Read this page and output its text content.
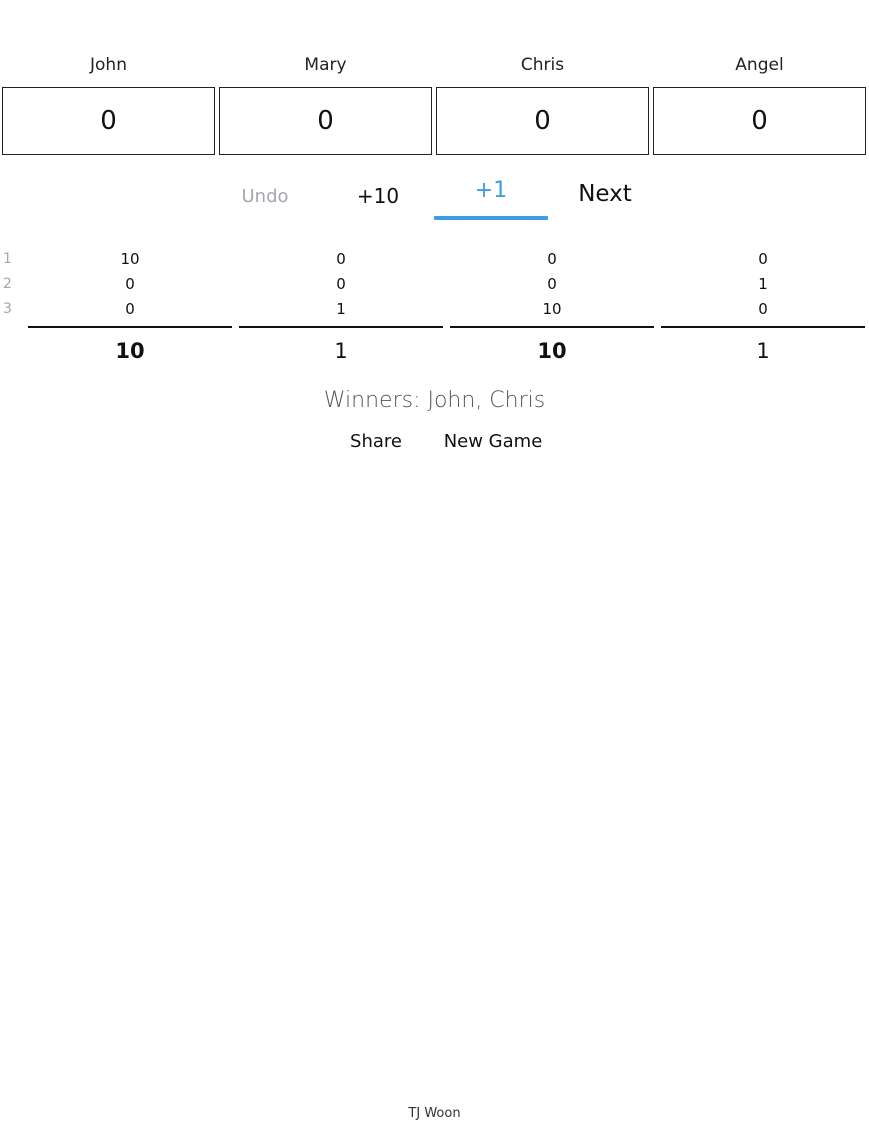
John
0
Mary
0
Chris
0
Angel
0
Undo	+10	+1	Next
1	10	0	0	0
2	0	0	0	1
3	0	1	10	0
10	1	10	1
Winners: John, Chris
Share	New Game
TJ Woon
